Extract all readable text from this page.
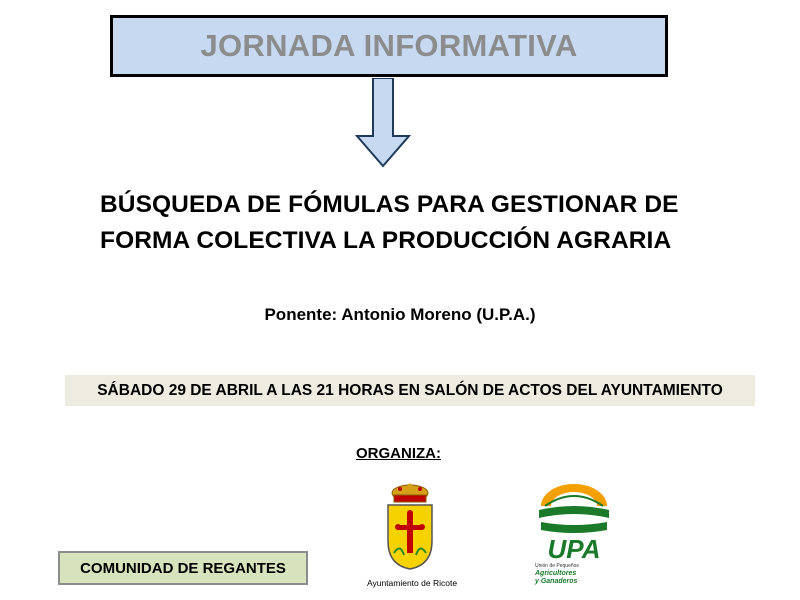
JORNADA INFORMATIVA
BÚSQUEDA DE FÓMULAS PARA GESTIONAR DE
FORMA COLECTIVA LA PRODUCCIÓN AGRARIA
Ponente: Antonio Moreno (U.P.A.)
SÁBADO 29 DE ABRIL A LAS 21 HORAS EN SALÓN DE ACTOS DEL AYUNTAMIENTO
ORGANIZA:
Ayuntamiento de Ricote
UPA
Unión de Pequeños
Agricultores
y Ganaderos
COMUNIDAD DE REGANTES
